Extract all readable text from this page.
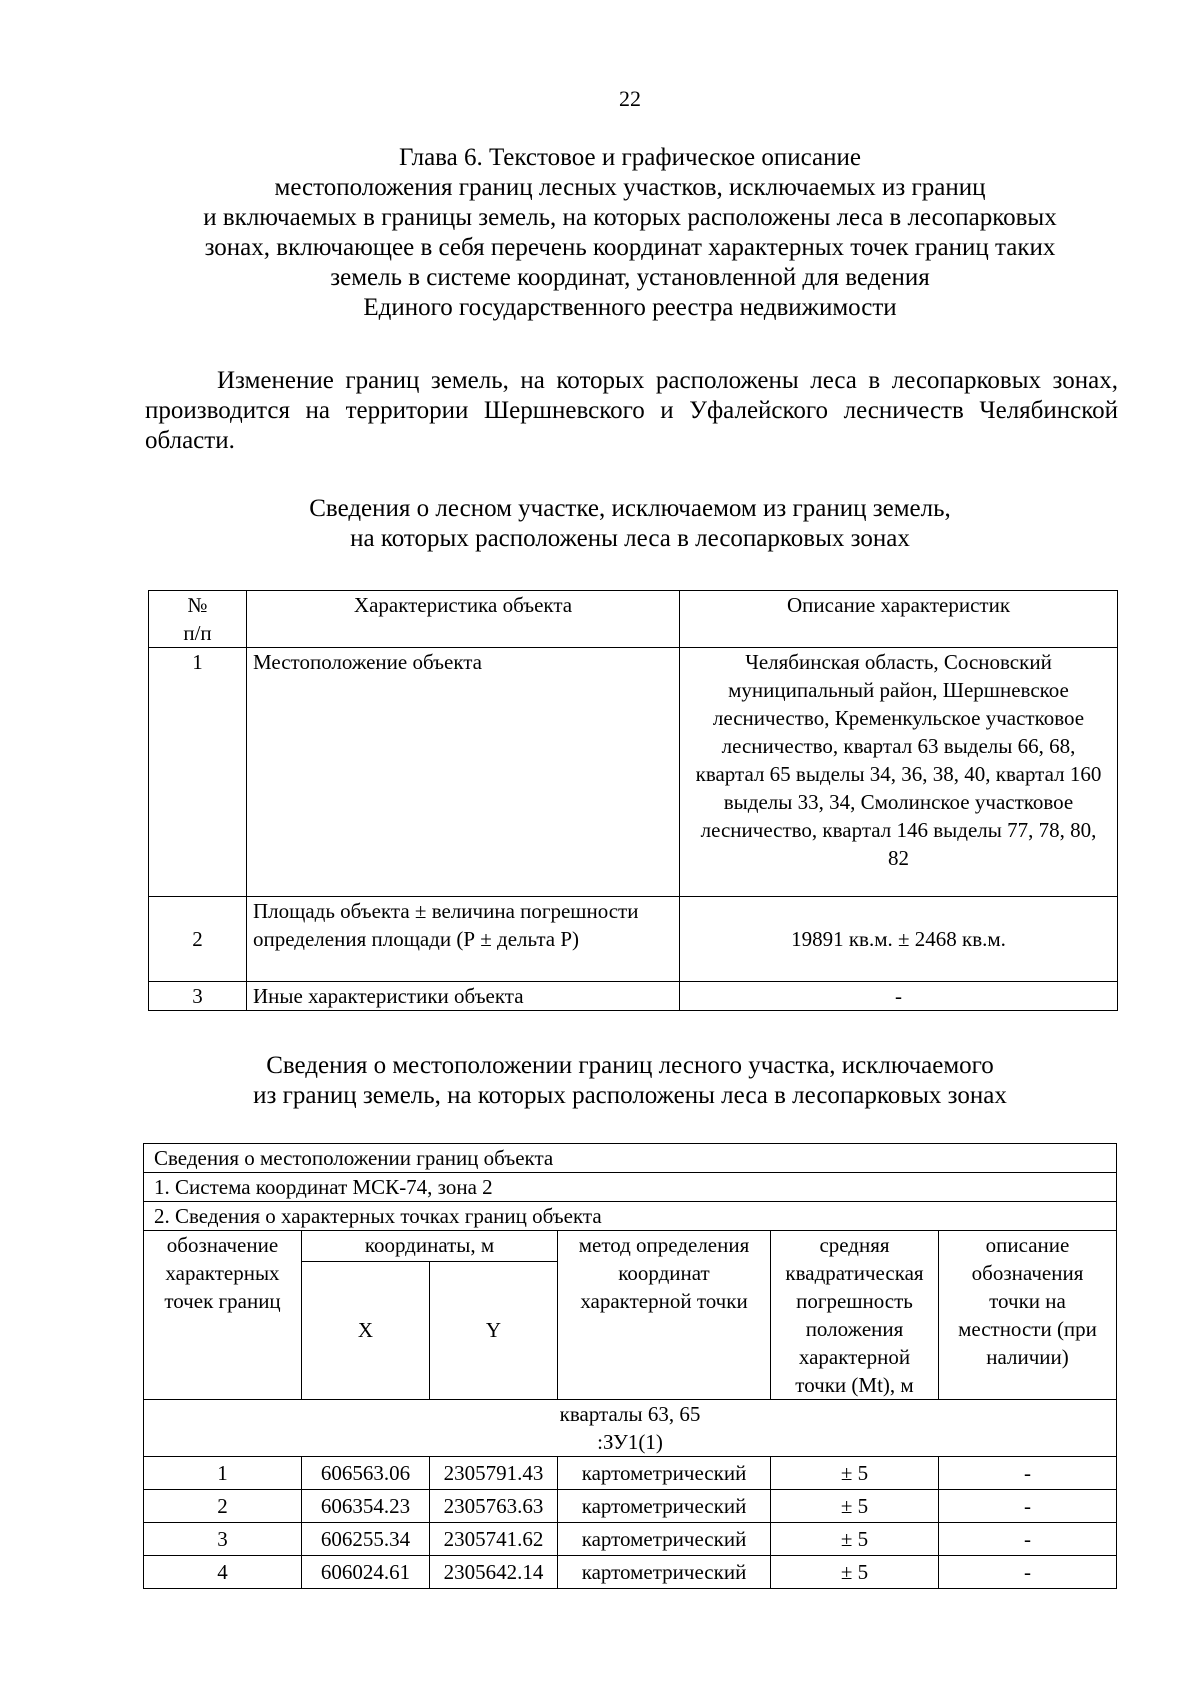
22
Глава 6. Текстовое и графическое описание
местоположения границ лесных участков, исключаемых из границ
и включаемых в границы земель, на которых расположены леса в лесопарковых
зонах, включающее в себя перечень координат характерных точек границ таких
земель в системе координат, установленной для ведения
Единого государственного реестра недвижимости
Изменение границ земель, на которых расположены леса в лесопарковых зонах, производится на территории Шершневского и Уфалейского лесничеств Челябинской области.
Сведения о лесном участке, исключаемом из границ земель,
на которых расположены леса в лесопарковых зонах
№
п/п	Характеристика объекта	Описание характеристик
1	Местоположение объекта	Челябинская область, Сосновский муниципальный район, Шершневское лесничество, Кременкульское участковое лесничество, квартал 63 выделы 66, 68, квартал 65 выделы 34, 36, 38, 40, квартал 160 выделы 33, 34, Смолинское участковое лесничество, квартал 146 выделы 77, 78, 80, 82
2	Площадь объекта ± величина погрешности определения площади (Р ± дельта Р)	19891 кв.м. ± 2468 кв.м.
3	Иные характеристики объекта	-
Сведения о местоположении границ лесного участка, исключаемого
из границ земель, на которых расположены леса в лесопарковых зонах
Сведения о местоположении границ объекта					
1. Система координат МСК-74, зона 2					
2. Сведения о характерных точках границ объекта					
обозначение характерных точек границ	координаты, м		метод определения координат характерной точки	средняя квадратическая погрешность положения характерной точки (Mt), м	описание обозначения точки на местности (при наличии)
	X	Y			

кварталы 63, 65
:ЗУ1(1)					

1	606563.06	2305791.43	картометрический	± 5	-
2	606354.23	2305763.63	картометрический	± 5	-
3	606255.34	2305741.62	картометрический	± 5	-
4	606024.61	2305642.14	картометрический	± 5	-
